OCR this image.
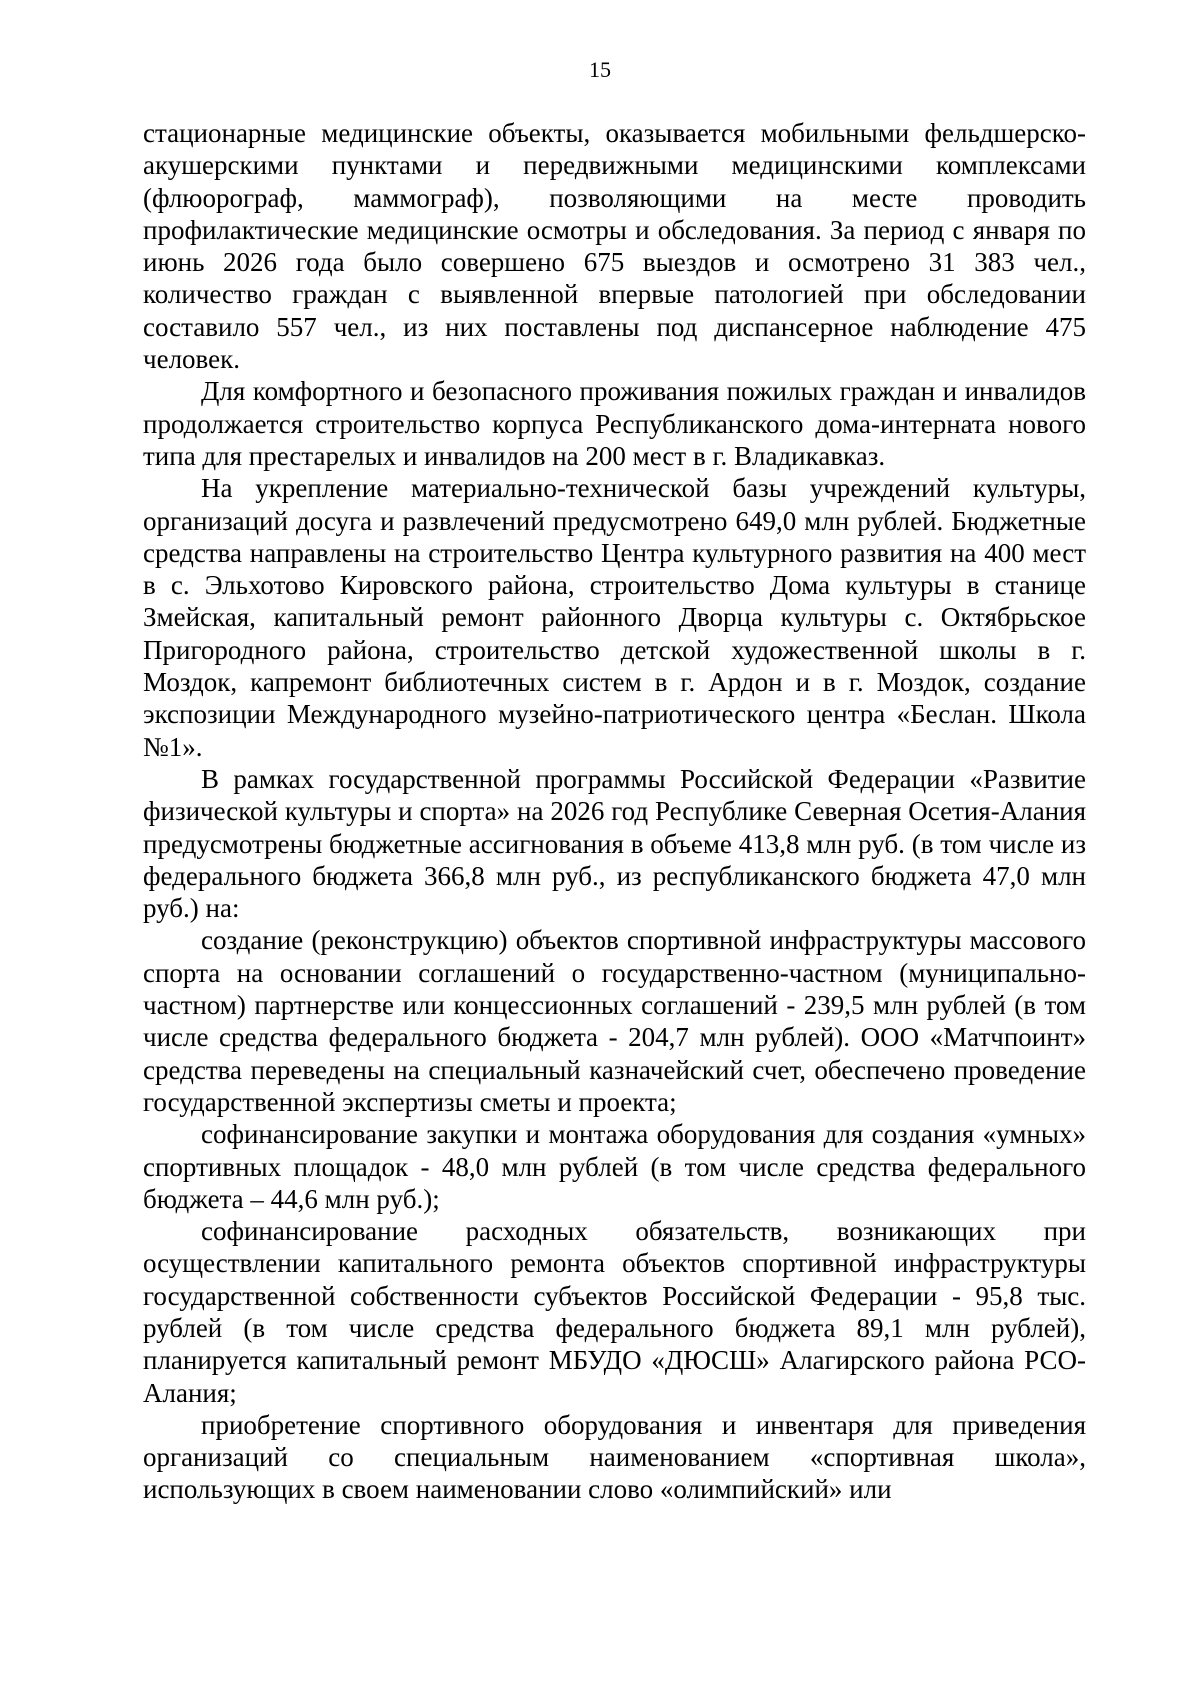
15

стационарные медицинские объекты, оказывается мобильными фельдшерско-акушерскими пунктами и передвижными медицинскими комплексами (флюорограф, маммограф), позволяющими на месте проводить профилактические медицинские осмотры и обследования. За период с января по июнь 2026 года было совершено 675 выездов и осмотрено 31 383 чел., количество граждан с выявленной впервые патологией при обследовании составило 557 чел., из них поставлены под диспансерное наблюдение 475 человек.

Для комфортного и безопасного проживания пожилых граждан и инвалидов продолжается строительство корпуса Республиканского дома-интерната нового типа для престарелых и инвалидов на 200 мест в г. Владикавказ.

На укрепление материально-технической базы учреждений культуры, организаций досуга и развлечений предусмотрено 649,0 млн рублей. Бюджетные средства направлены на строительство Центра культурного развития на 400 мест в с. Эльхотово Кировского района, строительство Дома культуры в станице Змейская, капитальный ремонт районного Дворца культуры с. Октябрьское Пригородного района, строительство детской художественной школы в г. Моздок, капремонт библиотечных систем в г. Ардон и в г. Моздок, создание экспозиции Международного музейно-патриотического центра «Беслан. Школа №1».

В рамках государственной программы Российской Федерации «Развитие физической культуры и спорта» на 2026 год Республике Северная Осетия-Алания предусмотрены бюджетные ассигнования в объеме 413,8 млн руб. (в том числе из федерального бюджета 366,8 млн руб., из республиканского бюджета 47,0 млн руб.) на:

создание (реконструкцию) объектов спортивной инфраструктуры массового спорта на основании соглашений о государственно-частном (муниципально-частном) партнерстве или концессионных соглашений - 239,5 млн рублей (в том числе средства федерального бюджета - 204,7 млн рублей). ООО «Матчпоинт» средства переведены на специальный казначейский счет, обеспечено проведение государственной экспертизы сметы и проекта;

софинансирование закупки и монтажа оборудования для создания «умных» спортивных площадок - 48,0 млн рублей (в том числе средства федерального бюджета – 44,6 млн руб.);

софинансирование расходных обязательств, возникающих при осуществлении капитального ремонта объектов спортивной инфраструктуры государственной собственности субъектов Российской Федерации - 95,8 тыс. рублей (в том числе средства федерального бюджета 89,1 млн рублей), планируется капитальный ремонт МБУДО «ДЮСШ» Алагирского района РСО-Алания;

приобретение спортивного оборудования и инвентаря для приведения организаций со специальным наименованием «спортивная школа», использующих в своем наименовании слово «олимпийский» или
